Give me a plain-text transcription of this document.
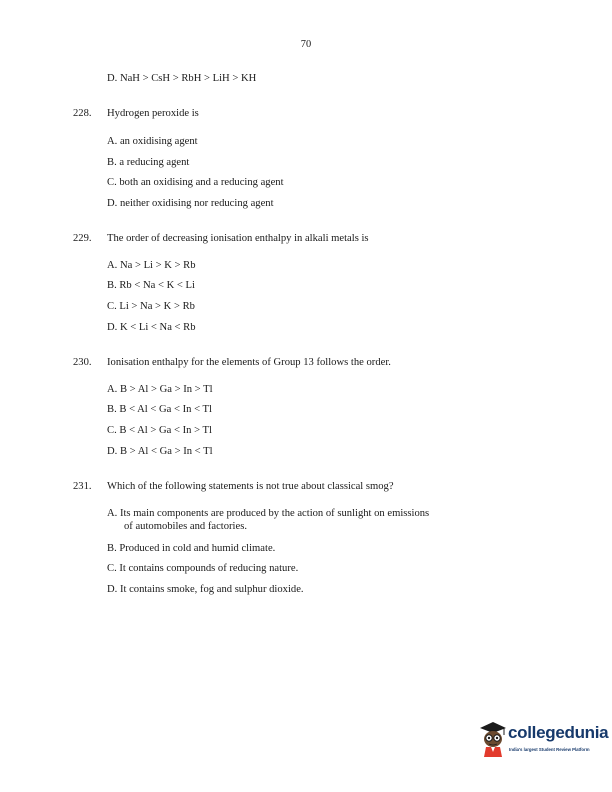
70
D. NaH > CsH > RbH > LiH > KH
228. Hydrogen peroxide is
A. an oxidising agent
B. a reducing agent
C. both an oxidising and a reducing agent
D. neither oxidising nor reducing agent
229. The order of decreasing ionisation enthalpy in alkali metals is
A. Na > Li > K > Rb
B. Rb < Na < K < Li
C. Li > Na > K > Rb
D. K < Li < Na < Rb
230. Ionisation enthalpy for the elements of Group 13 follows the order.
A. B > Al > Ga > In > Tl
B. B < Al < Ga < In < Tl
C. B < Al > Ga < In > Tl
D. B > Al < Ga > In < Tl
231. Which of the following statements is not true about classical smog?
A. Its main components are produced by the action of sunlight on emissions
of automobiles and factories.
B. Produced in cold and humid climate.
C. It contains compounds of reducing nature.
D. It contains smoke, fog and sulphur dioxide.
collegedunia
India's largest Student Review Platform
